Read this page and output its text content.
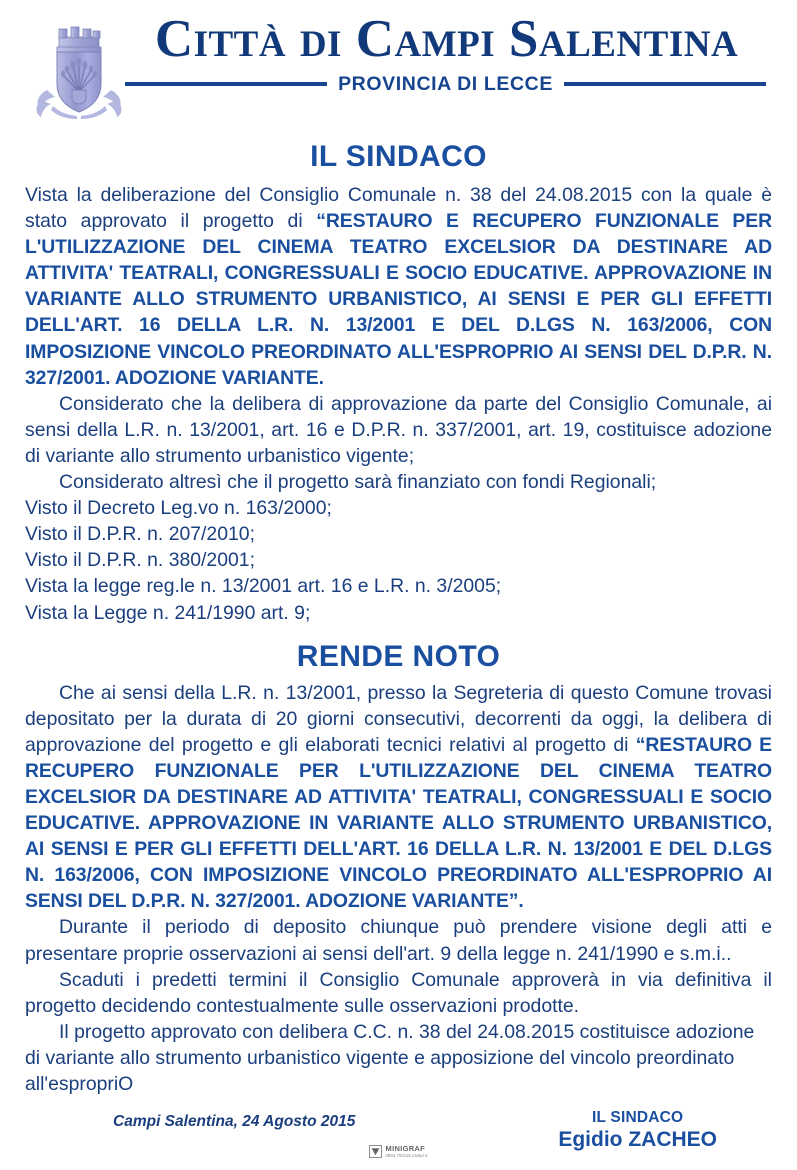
Città di Campi Salentina
PROVINCIA DI LECCE
IL SINDACO

Vista la deliberazione del Consiglio Comunale n. 38 del 24.08.2015 con la quale è stato approvato il progetto di “RESTAURO E RECUPERO FUNZIONALE PER L'UTILIZZAZIONE DEL CINEMA TEATRO EXCELSIOR DA DESTINARE AD ATTIVITA' TEATRALI, CONGRESSUALI E SOCIO EDUCATIVE. APPROVAZIONE IN VARIANTE ALLO STRUMENTO URBANISTICO, AI SENSI E PER GLI EFFETTI DELL'ART. 16 DELLA L.R. N. 13/2001 E DEL D.LGS N. 163/2006, CON IMPOSIZIONE VINCOLO PREORDINATO ALL'ESPROPRIO AI SENSI DEL D.P.R. N. 327/2001. ADOZIONE VARIANTE.

Considerato che la delibera di approvazione da parte del Consiglio Comunale, ai sensi della L.R. n. 13/2001, art. 16 e D.P.R. n. 337/2001, art. 19, costituisce adozione di variante allo strumento urbanistico vigente;

Considerato altresì che il progetto sarà finanziato con fondi Regionali;

Visto il Decreto Leg.vo n. 163/2000;

Visto il D.P.R. n. 207/2010;

Visto il D.P.R. n. 380/2001;

Vista la legge reg.le n. 13/2001 art. 16 e L.R. n. 3/2005;

Vista la Legge n. 241/1990 art. 9;

RENDE NOTO

Che ai sensi della L.R. n. 13/2001, presso la Segreteria di questo Comune trovasi depositato per la durata di 20 giorni consecutivi, decorrenti da oggi, la delibera di approvazione del progetto e gli elaborati tecnici relativi al progetto di “RESTAURO E RECUPERO FUNZIONALE PER L'UTILIZZAZIONE DEL CINEMA TEATRO EXCELSIOR DA DESTINARE AD ATTIVITA' TEATRALI, CONGRESSUALI E SOCIO EDUCATIVE. APPROVAZIONE IN VARIANTE ALLO STRUMENTO URBANISTICO, AI SENSI E PER GLI EFFETTI DELL'ART. 16 DELLA L.R. N. 13/2001 E DEL D.LGS N. 163/2006, CON IMPOSIZIONE VINCOLO PREORDINATO ALL'ESPROPRIO AI SENSI DEL D.P.R. N. 327/2001. ADOZIONE VARIANTE”.

Durante il periodo di deposito chiunque può prendere visione degli atti e presentare proprie osservazioni ai sensi dell'art. 9 della legge n. 241/1990 e s.m.i..

Scaduti i predetti termini il Consiglio Comunale approverà in via definitiva il progetto decidendo contestualmente sulle osservazioni prodotte.

Il progetto approvato con delibera C.C. n. 38 del 24.08.2015 costituisce adozione di variante allo strumento urbanistico vigente e apposizione del vincolo preordinato all'espropriO

Campi Salentina, 24 Agosto 2015	IL SINDACO
Egidio ZACHEO
MINIGRAF
0832.792116 campi s.
